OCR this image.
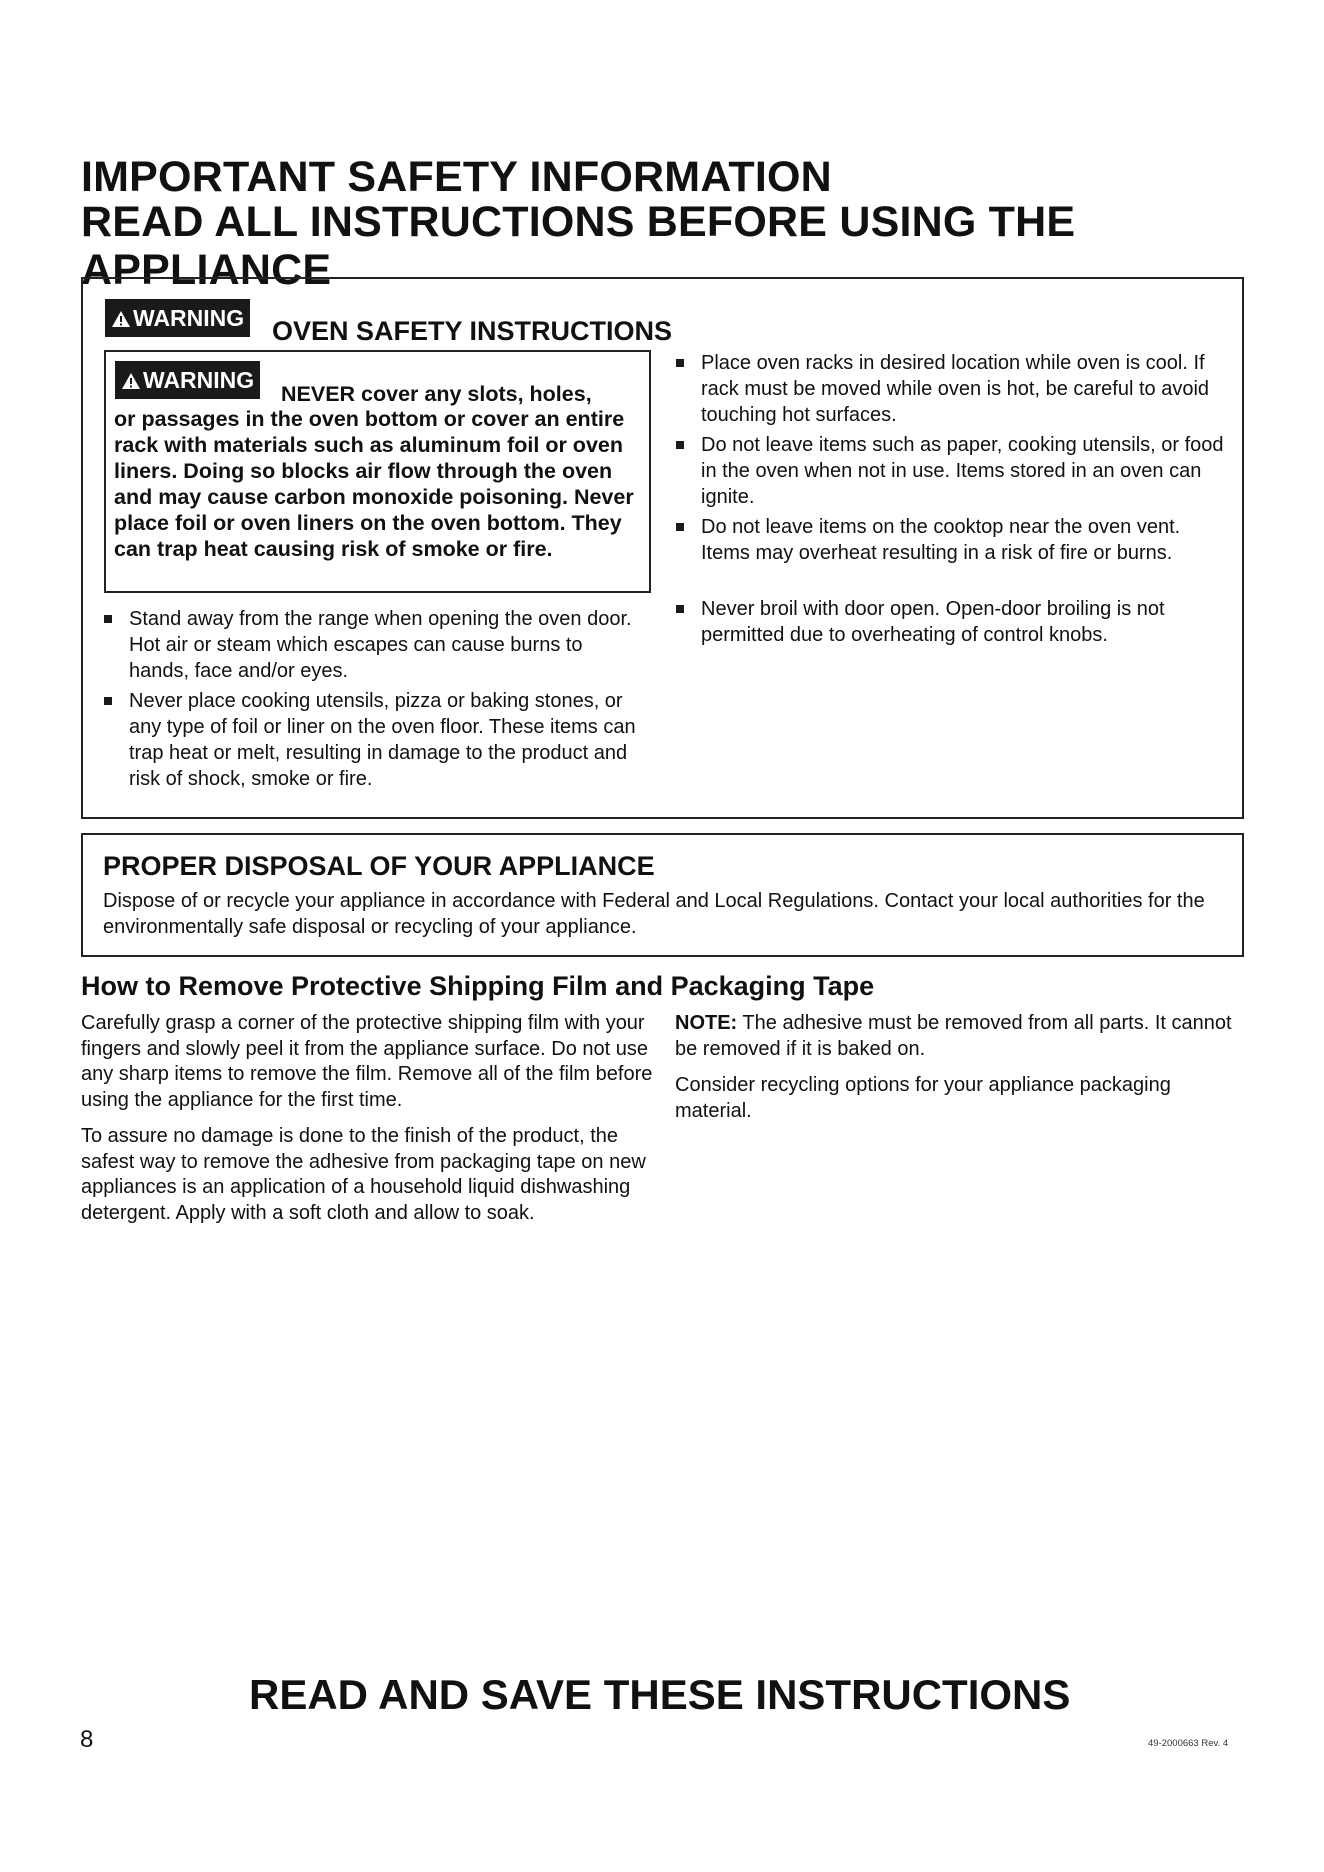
IMPORTANT SAFETY INFORMATION
READ ALL INSTRUCTIONS BEFORE USING THE APPLIANCE
WARNING OVEN SAFETY INSTRUCTIONS
WARNING
NEVER cover any slots, holes,
or passages in the oven bottom or cover an entire rack with materials such as aluminum foil or oven liners. Doing so blocks air flow through the oven and may cause carbon monoxide poisoning. Never place foil or oven liners on the oven bottom. They can trap heat causing risk of smoke or fire.
Stand away from the range when opening the oven door. Hot air or steam which escapes can cause burns to hands, face and/or eyes.
Never place cooking utensils, pizza or baking stones, or any type of foil or liner on the oven floor. These items can trap heat or melt, resulting in damage to the product and risk of shock, smoke or fire.
Place oven racks in desired location while oven is cool. If rack must be moved while oven is hot, be careful to avoid touching hot surfaces.
Do not leave items such as paper, cooking utensils, or food in the oven when not in use. Items stored in an oven can ignite.
Do not leave items on the cooktop near the oven vent. Items may overheat resulting in a risk of fire or burns.
Never broil with door open. Open-door broiling is not permitted due to overheating of control knobs.
PROPER DISPOSAL OF YOUR APPLIANCE
Dispose of or recycle your appliance in accordance with Federal and Local Regulations. Contact your local authorities for the environmentally safe disposal or recycling of your appliance.
How to Remove Protective Shipping Film and Packaging Tape
Carefully grasp a corner of the protective shipping film with your fingers and slowly peel it from the appliance surface. Do not use any sharp items to remove the film. Remove all of the film before using the appliance for the first time.
To assure no damage is done to the finish of the product, the safest way to remove the adhesive from packaging tape on new appliances is an application of a household liquid dishwashing detergent. Apply with a soft cloth and allow to soak.
NOTE: The adhesive must be removed from all parts. It cannot be removed if it is baked on.
Consider recycling options for your appliance packaging material.
READ AND SAVE THESE INSTRUCTIONS
8	49-2000663 Rev. 4
